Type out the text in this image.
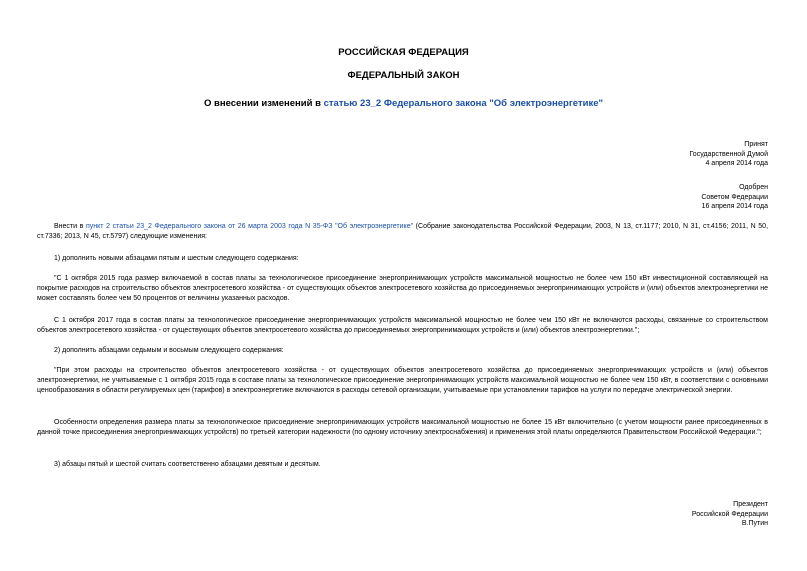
РОССИЙСКАЯ ФЕДЕРАЦИЯ
ФЕДЕРАЛЬНЫЙ ЗАКОН
О внесении изменений в статью 23_2 Федерального закона "Об электроэнергетике"
Принят
Государственной Думой
4 апреля 2014 года
Одобрен
Советом Федерации
16 апреля 2014 года

Внести в пункт 2 статьи 23_2 Федерального закона от 26 марта 2003 года N 35-ФЗ "Об электроэнергетике" (Собрание законодательства Российской Федерации, 2003, N 13, ст.1177; 2010, N 31, ст.4156; 2011, N 50, ст.7336; 2013, N 45, ст.5797) следующие изменения:

1) дополнить новыми абзацами пятым и шестым следующего содержания:

"С 1 октября 2015 года размер включаемой в состав платы за технологическое присоединение энергопринимающих устройств максимальной мощностью не более чем 150 кВт инвестиционной составляющей на покрытие расходов на строительство объектов электросетевого хозяйства - от существующих объектов электросетевого хозяйства до присоединяемых энергопринимающих устройств и (или) объектов электроэнергетики не может составлять более чем 50 процентов от величины указанных расходов.

С 1 октября 2017 года в состав платы за технологическое присоединение энергопринимающих устройств максимальной мощностью не более чем 150 кВт не включаются расходы, связанные со строительством объектов электросетевого хозяйства - от существующих объектов электросетевого хозяйства до присоединяемых энергопринимающих устройств и (или) объектов электроэнергетики.";

2) дополнить абзацами седьмым и восьмым следующего содержания:

"При этом расходы на строительство объектов электросетевого хозяйства - от существующих объектов электросетевого хозяйства до присоединяемых энергопринимающих устройств и (или) объектов электроэнергетики, не учитываемые с 1 октября 2015 года в составе платы за технологическое присоединение энергопринимающих устройств максимальной мощностью не более чем 150 кВт, в соответствии с основными ценообразования в области регулируемых цен (тарифов) в электроэнергетике включаются в расходы сетевой организации, учитываемые при установлении тарифов на услуги по передаче электрической энергии.

Особенности определения размера платы за технологическое присоединение энергопринимающих устройств максимальной мощностью не более 15 кВт включительно (с учетом мощности ранее присоединенных в данной точке присоединения энергопринимающих устройств) по третьей категории надежности (по одному источнику электроснабжения) и применения этой платы определяются Правительством Российской Федерации.";

3) абзацы пятый и шестой считать соответственно абзацами девятым и десятым.

Президент
Российской Федерации
В.Путин
